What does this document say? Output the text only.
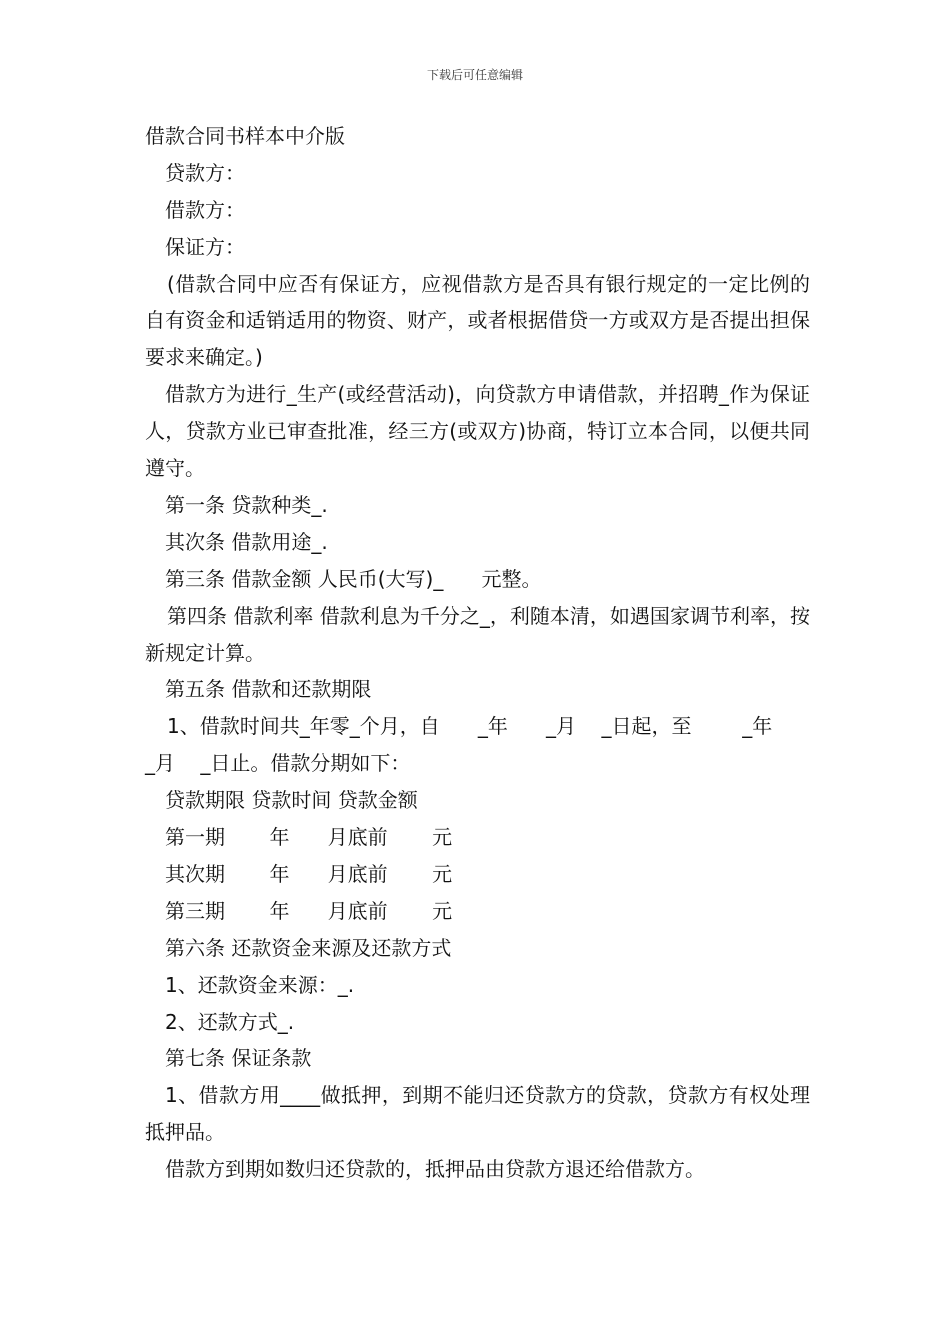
下载后可任意编辑
借款合同书样本中介版
贷款方：
借款方：
保证方：
(借款合同中应否有保证方，应视借款方是否具有银行规定的一定比例的自有资金和适销适用的物资、财产，或者根据借贷一方或双方是否提出担保要求来确定。)
借款方为进行_生产(或经营活动)，向贷款方申请借款，并招聘_作为保证人，贷款方业已审查批准，经三方(或双方)协商，特订立本合同，以便共同遵守。
第一条 贷款种类_.
其次条 借款用途_.
第三条 借款金额 人民币(大写)_      元整。
第四条 借款利率 借款利息为千分之_，利随本清，如遇国家调节利率，按新规定计算。
第五条 借款和还款期限
1、借款时间共_年零_个月，自      _年      _月    _日起，至        _年
_月    _日止。借款分期如下：
贷款期限 贷款时间 贷款金额
第一期       年      月底前       元
其次期       年      月底前       元
第三期       年      月底前       元
第六条 还款资金来源及还款方式
1、还款资金来源：_.
2、还款方式_.
第七条 保证条款
1、借款方用____做抵押，到期不能归还贷款方的贷款，贷款方有权处理抵押品。
借款方到期如数归还贷款的，抵押品由贷款方退还给借款方。
